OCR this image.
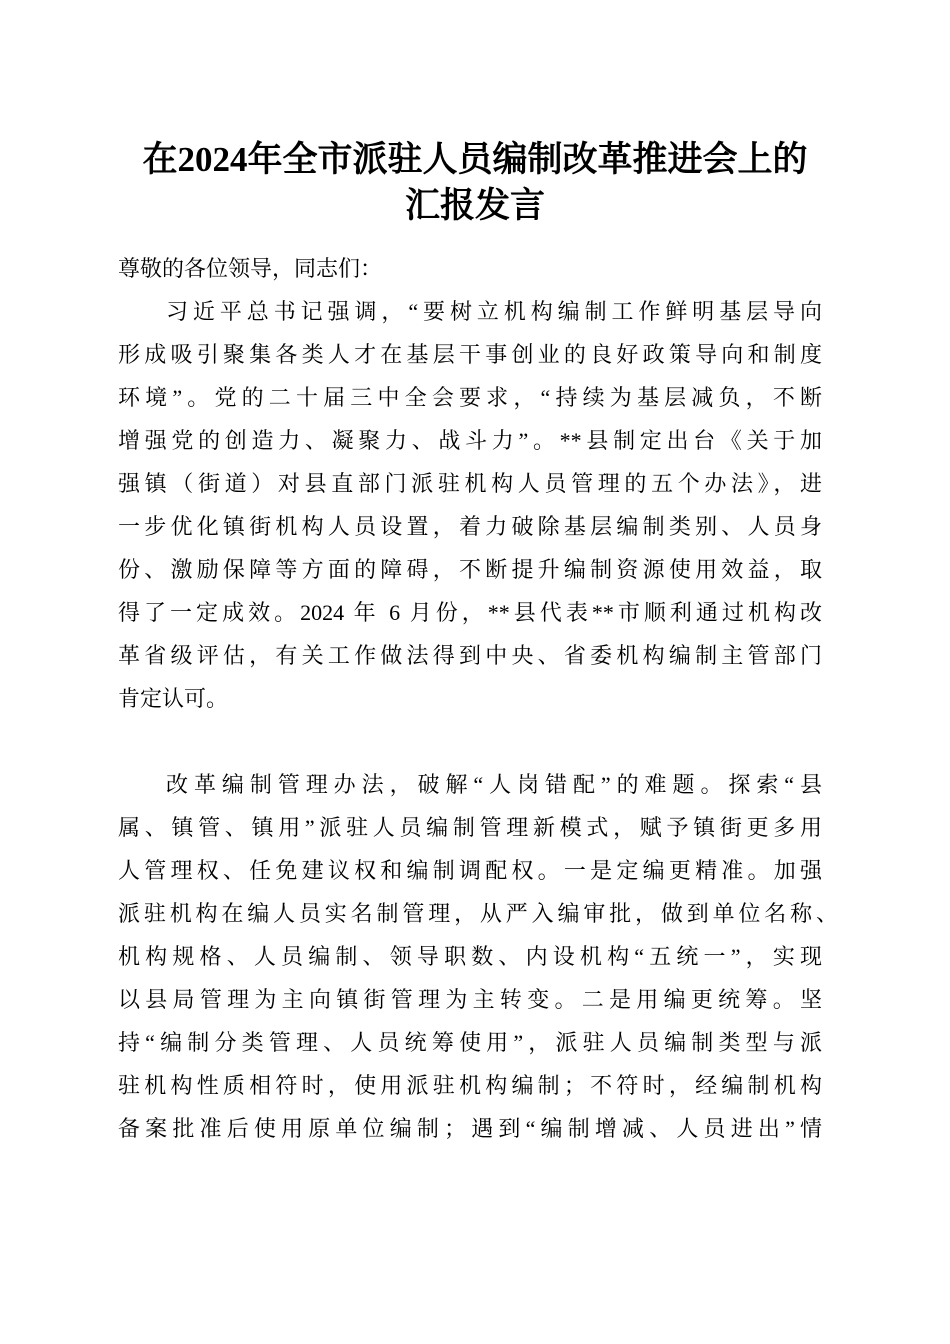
在2024年全市派驻人员编制改革推进会上的
汇报发言
尊敬的各位领导，同志们：
习近平总书记强调，“要树立机构编制工作鲜明基层导向
形成吸引聚集各类人才在基层干事创业的良好政策导向和制度
环境”。党的二十届三中全会要求，“持续为基层减负，不断
增强党的创造力、凝聚力、战斗力”。**县制定出台《关于加
强镇（街道）对县直部门派驻机构人员管理的五个办法》，进
一步优化镇街机构人员设置，着力破除基层编制类别、人员身
份、激励保障等方面的障碍，不断提升编制资源使用效益，取
得了一定成效。2024 年 6 月份，**县代表**市顺利通过机构改
革省级评估，有关工作做法得到中央、省委机构编制主管部门
肯定认可。
改革编制管理办法，破解“人岗错配”的难题。探索“县
属、镇管、镇用”派驻人员编制管理新模式，赋予镇街更多用
人管理权、任免建议权和编制调配权。一是定编更精准。加强
派驻机构在编人员实名制管理，从严入编审批，做到单位名称、
机构规格、人员编制、领导职数、内设机构“五统一”，实现
以县局管理为主向镇街管理为主转变。二是用编更统筹。坚
持“编制分类管理、人员统筹使用”，派驻人员编制类型与派
驻机构性质相符时，使用派驻机构编制；不符时，经编制机构
备案批准后使用原单位编制；遇到“编制增减、人员进出”情
